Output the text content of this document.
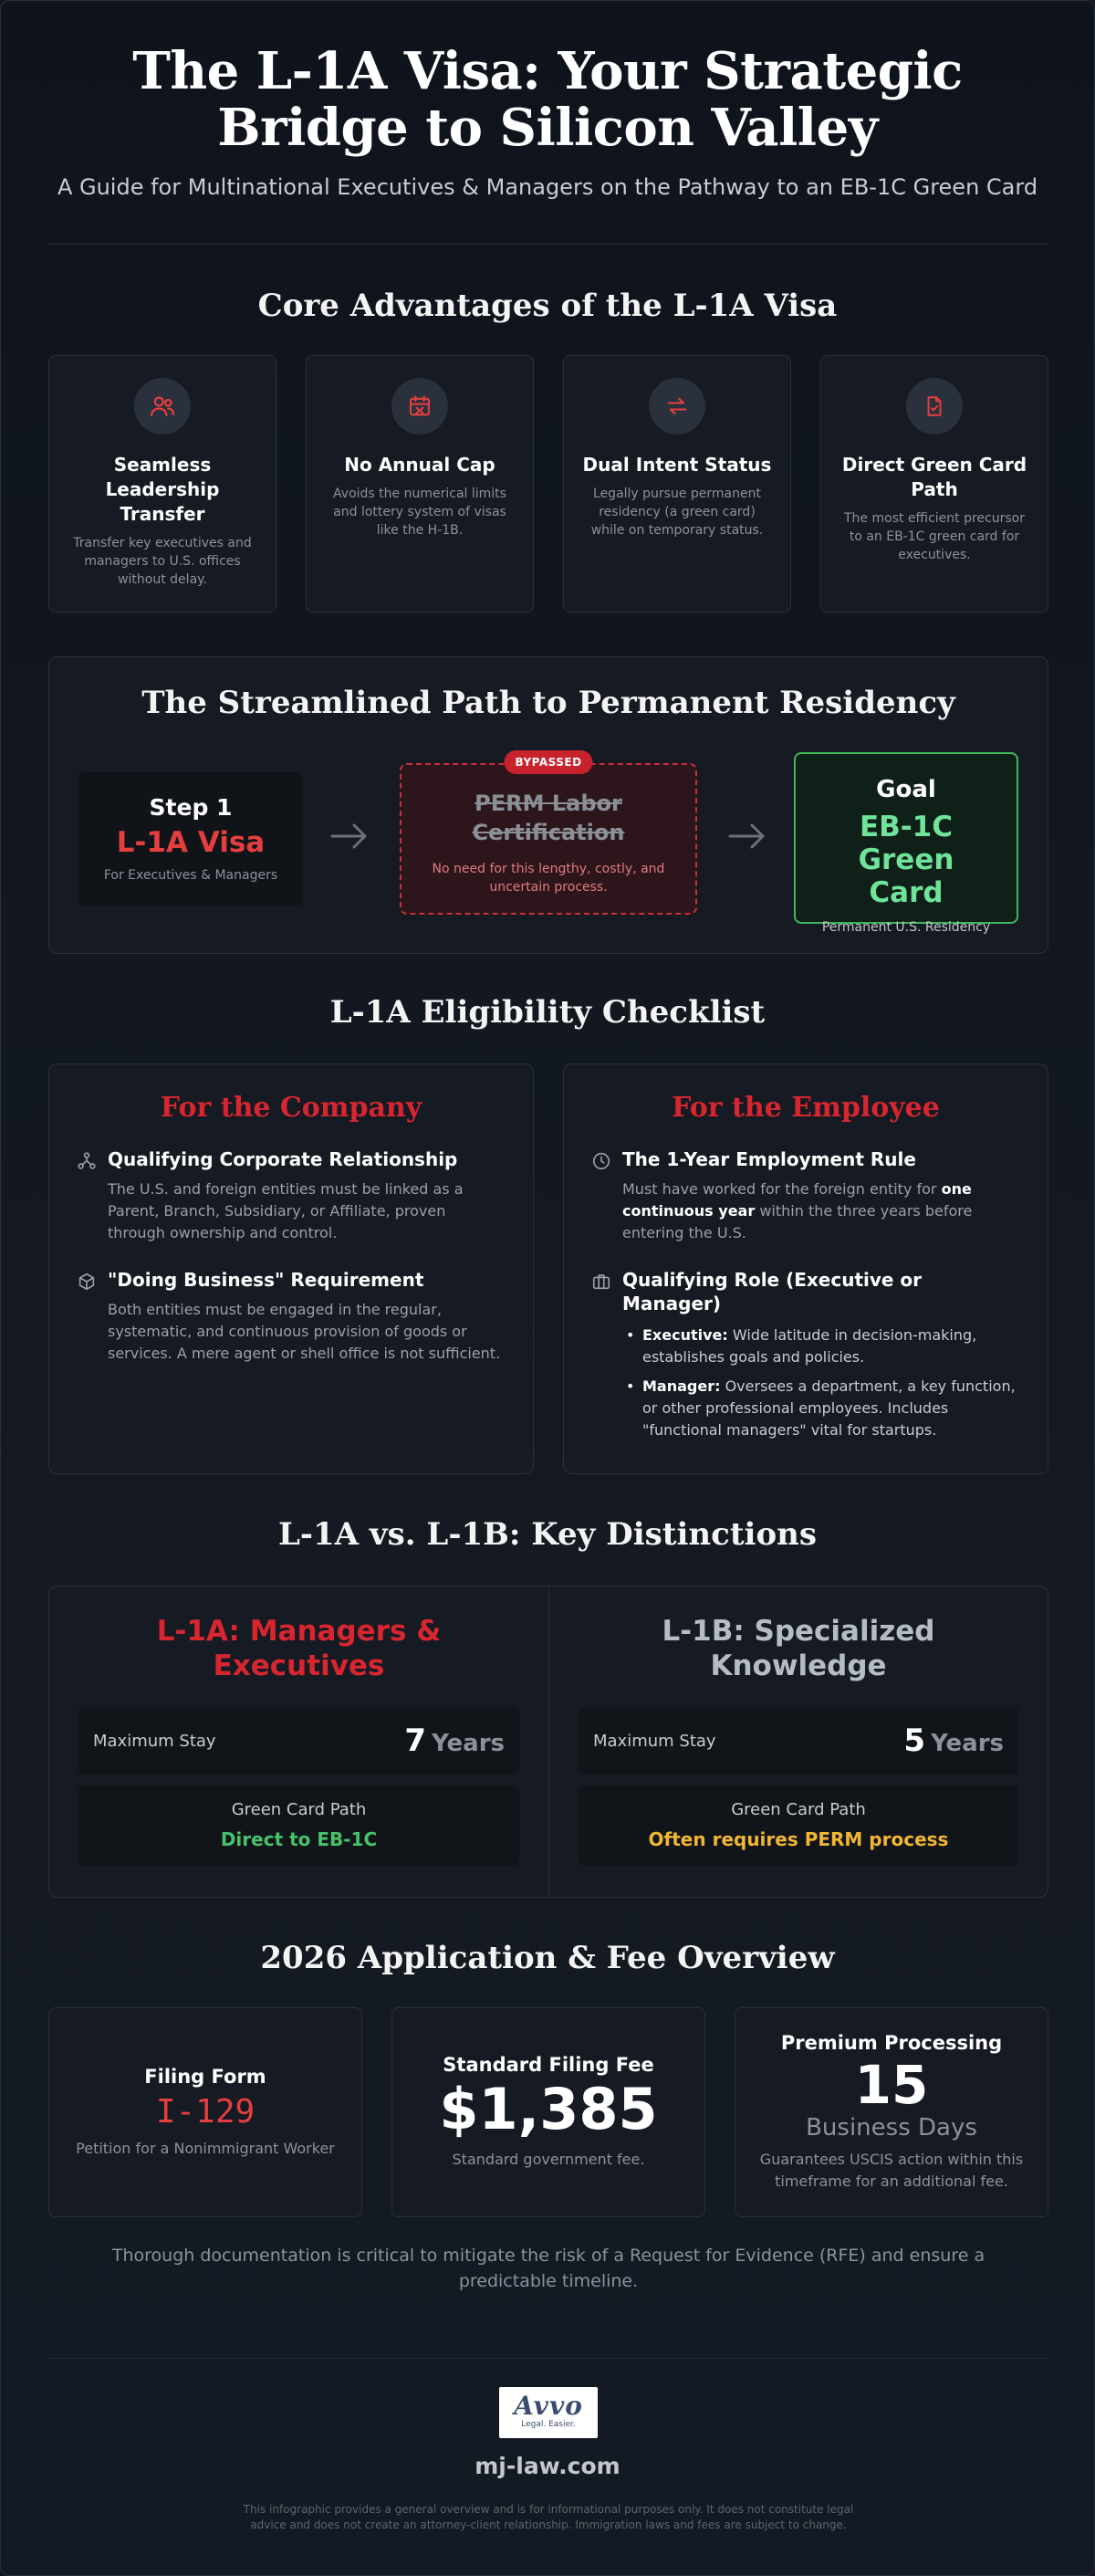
The L-1A Visa: Your Strategic Bridge to Silicon Valley
A Guide for Multinational Executives & Managers on the Pathway to an EB-1C Green Card
Core Advantages of the L-1A Visa
Seamless Leadership Transfer

Transfer key executives and managers to U.S. offices without delay.

No Annual Cap

Avoids the numerical limits and lottery system of visas like the H-1B.

Dual Intent Status

Legally pursue permanent residency (a green card) while on temporary status.

Direct Green Card Path

The most efficient precursor to an EB-1C green card for executives.

The Streamlined Path to Permanent Residency
Step 1
L-1A Visa
For Executives & Managers
BYPASSED
PERM Labor Certification
No need for this lengthy, costly, and uncertain process.
Goal
EB-1C Green Card
Permanent U.S. Residency
L-1A Eligibility Checklist
For the Company
Qualifying Corporate Relationship

The U.S. and foreign entities must be linked as a Parent, Branch, Subsidiary, or Affiliate, proven through ownership and control.

"Doing Business" Requirement

Both entities must be engaged in the regular, systematic, and continuous provision of goods or services. A mere agent or shell office is not sufficient.

For the Employee
The 1-Year Employment Rule

Must have worked for the foreign entity for one continuous year within the three years before entering the U.S.

Qualifying Role (Executive or Manager)
• Executive: Wide latitude in decision-making, establishes goals and policies.
• Manager: Oversees a department, a key function, or other professional employees. Includes "functional managers" vital for startups.
L-1A vs. L-1B: Key Distinctions
L-1A: Managers & Executives
Maximum Stay	7 Years
Green Card Path
Direct to EB-1C
L-1B: Specialized Knowledge
Maximum Stay	5 Years
Green Card Path
Often requires PERM process
2026 Application & Fee Overview
Filing Form
I-129
Petition for a Nonimmigrant Worker
Standard Filing Fee
$1,385
Standard government fee.
Premium Processing
15
Business Days
Guarantees USCIS action within this timeframe for an additional fee.
Thorough documentation is critical to mitigate the risk of a Request for Evidence (RFE) and ensure a predictable timeline.
Avvo
Legal. Easier.
mj-law.com
This infographic provides a general overview and is for informational purposes only. It does not constitute legal advice and does not create an attorney-client relationship. Immigration laws and fees are subject to change.
